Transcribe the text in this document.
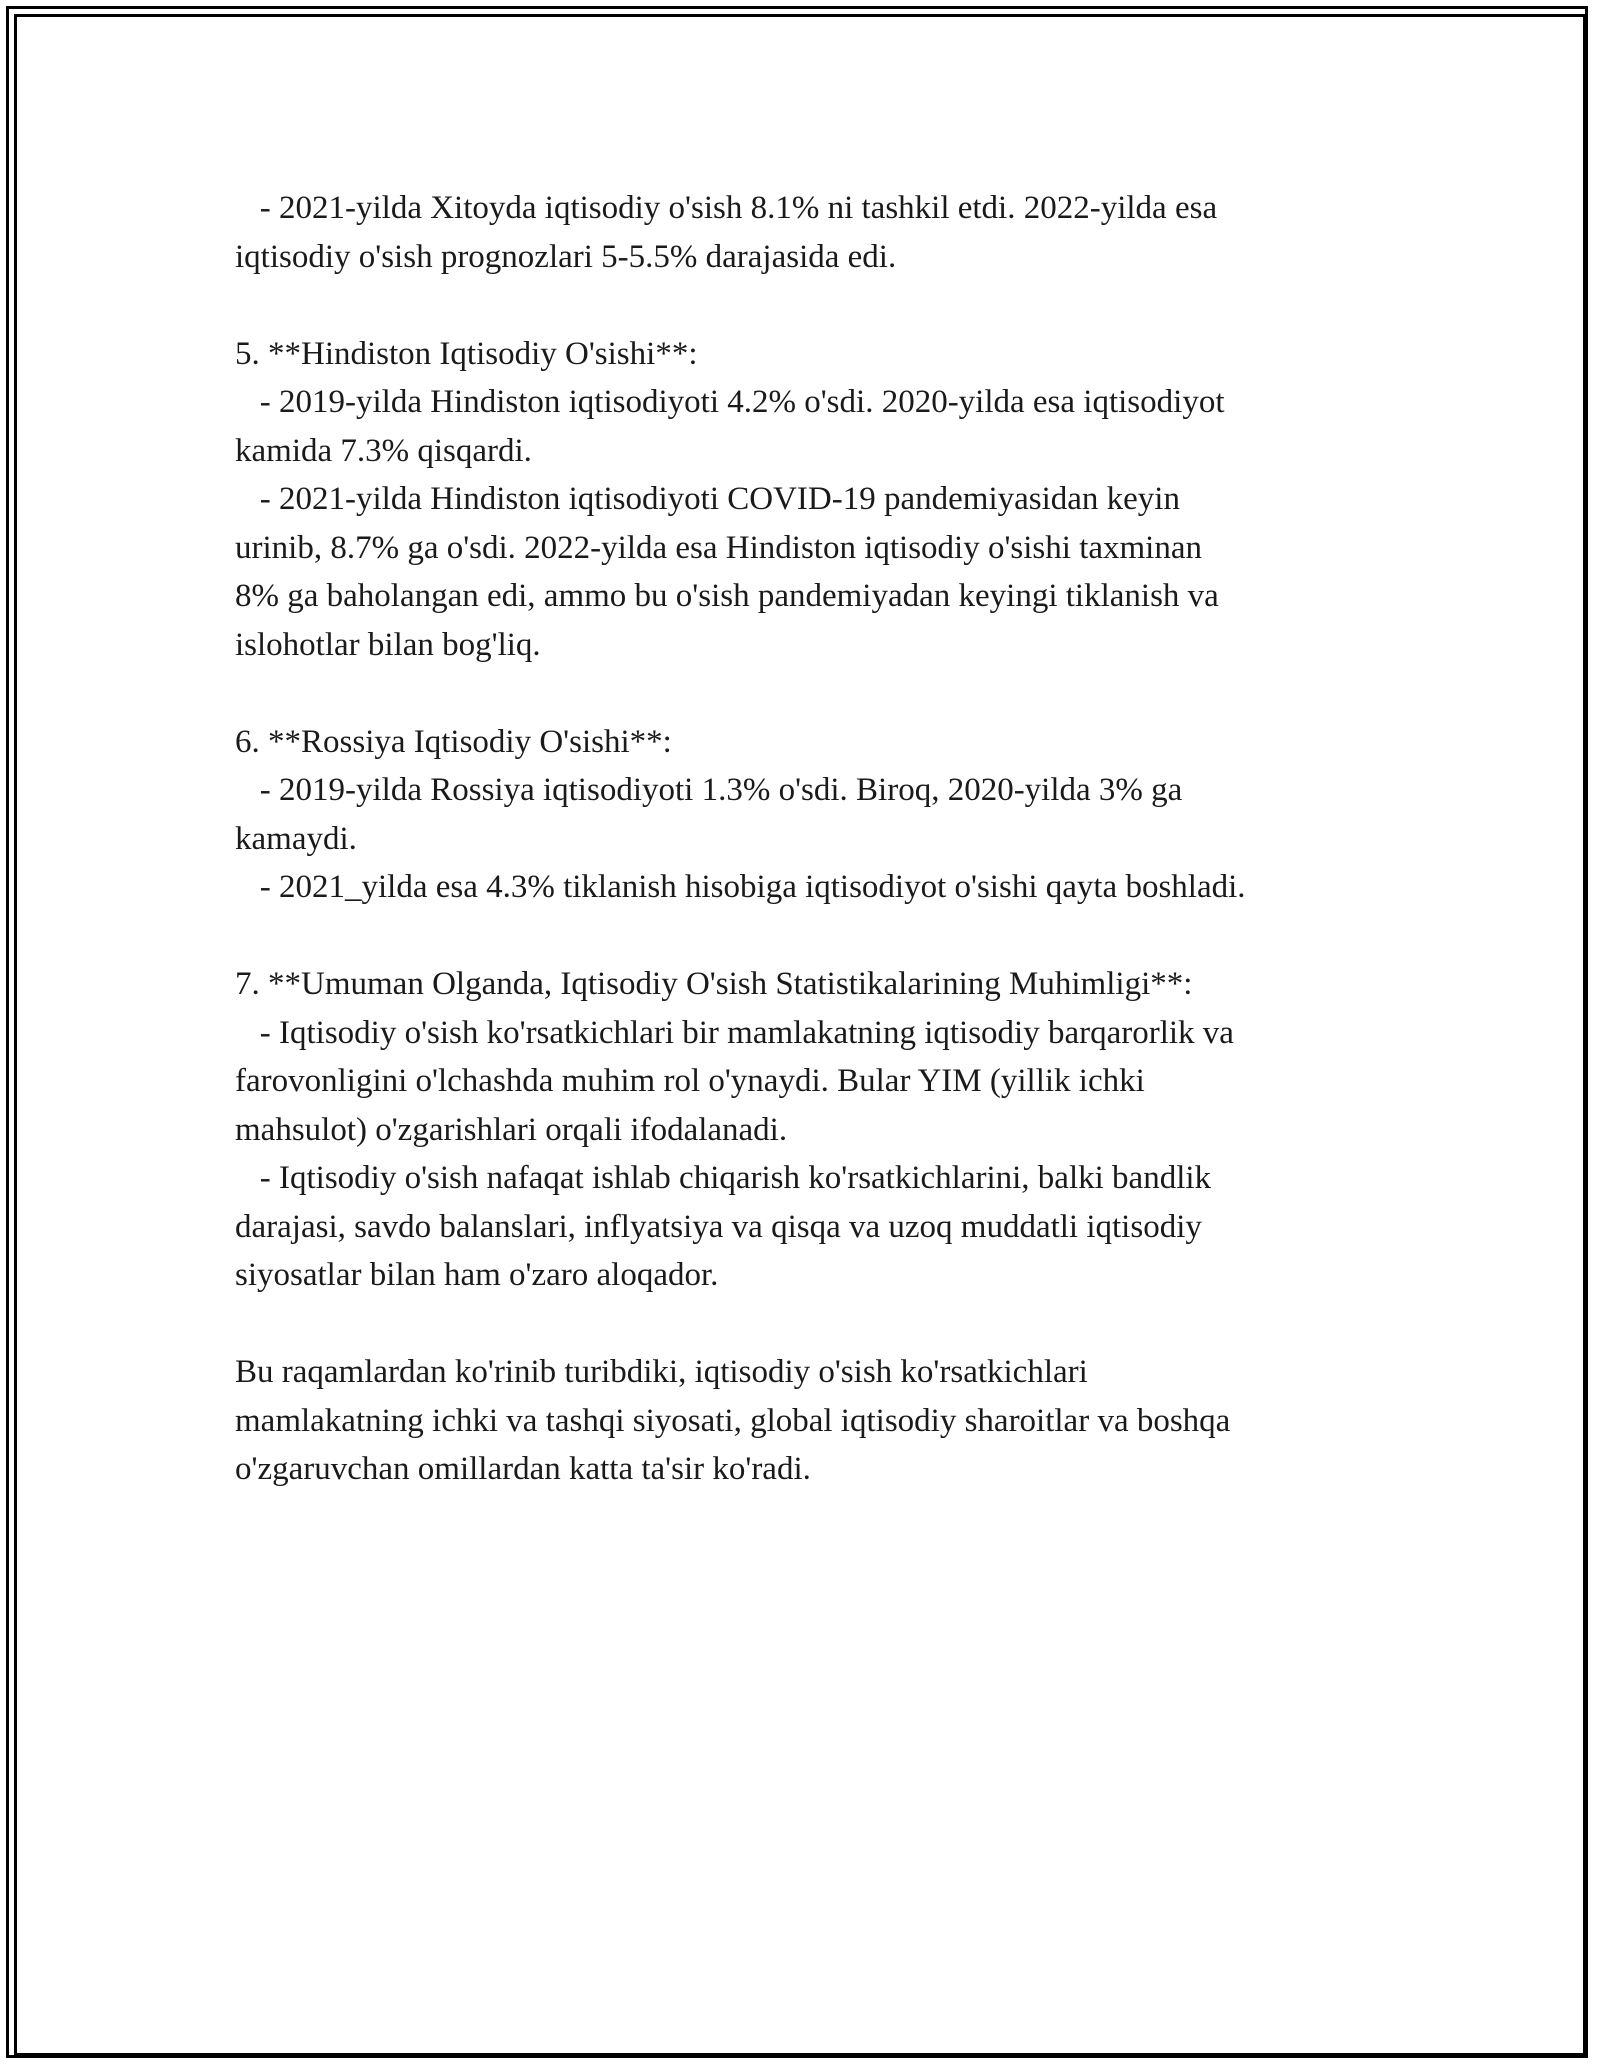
- 2021-yilda Xitoyda iqtisodiy o'sish 8.1% ni tashkil etdi. 2022-yilda esa
iqtisodiy o'sish prognozlari 5-5.5% darajasida edi.
5. **Hindiston Iqtisodiy O'sishi**:
- 2019-yilda Hindiston iqtisodiyoti 4.2% o'sdi. 2020-yilda esa iqtisodiyot
kamida 7.3% qisqardi.
- 2021-yilda Hindiston iqtisodiyoti COVID-19 pandemiyasidan keyin
urinib, 8.7% ga o'sdi. 2022-yilda esa Hindiston iqtisodiy o'sishi taxminan
8% ga baholangan edi, ammo bu o'sish pandemiyadan keyingi tiklanish va
islohotlar bilan bog'liq.
6. **Rossiya Iqtisodiy O'sishi**:
- 2019-yilda Rossiya iqtisodiyoti 1.3% o'sdi. Biroq, 2020-yilda 3% ga
kamaydi.
- 2021_yilda esa 4.3% tiklanish hisobiga iqtisodiyot o'sishi qayta boshladi.
7. **Umuman Olganda, Iqtisodiy O'sish Statistikalarining Muhimligi**:
- Iqtisodiy o'sish ko'rsatkichlari bir mamlakatning iqtisodiy barqarorlik va
farovonligini o'lchashda muhim rol o'ynaydi. Bular YIM (yillik ichki
mahsulot) o'zgarishlari orqali ifodalanadi.
- Iqtisodiy o'sish nafaqat ishlab chiqarish ko'rsatkichlarini, balki bandlik
darajasi, savdo balanslari, inflyatsiya va qisqa va uzoq muddatli iqtisodiy
siyosatlar bilan ham o'zaro aloqador.
Bu raqamlardan ko'rinib turibdiki, iqtisodiy o'sish ko'rsatkichlari
mamlakatning ichki va tashqi siyosati, global iqtisodiy sharoitlar va boshqa
o'zgaruvchan omillardan katta ta'sir ko'radi.
